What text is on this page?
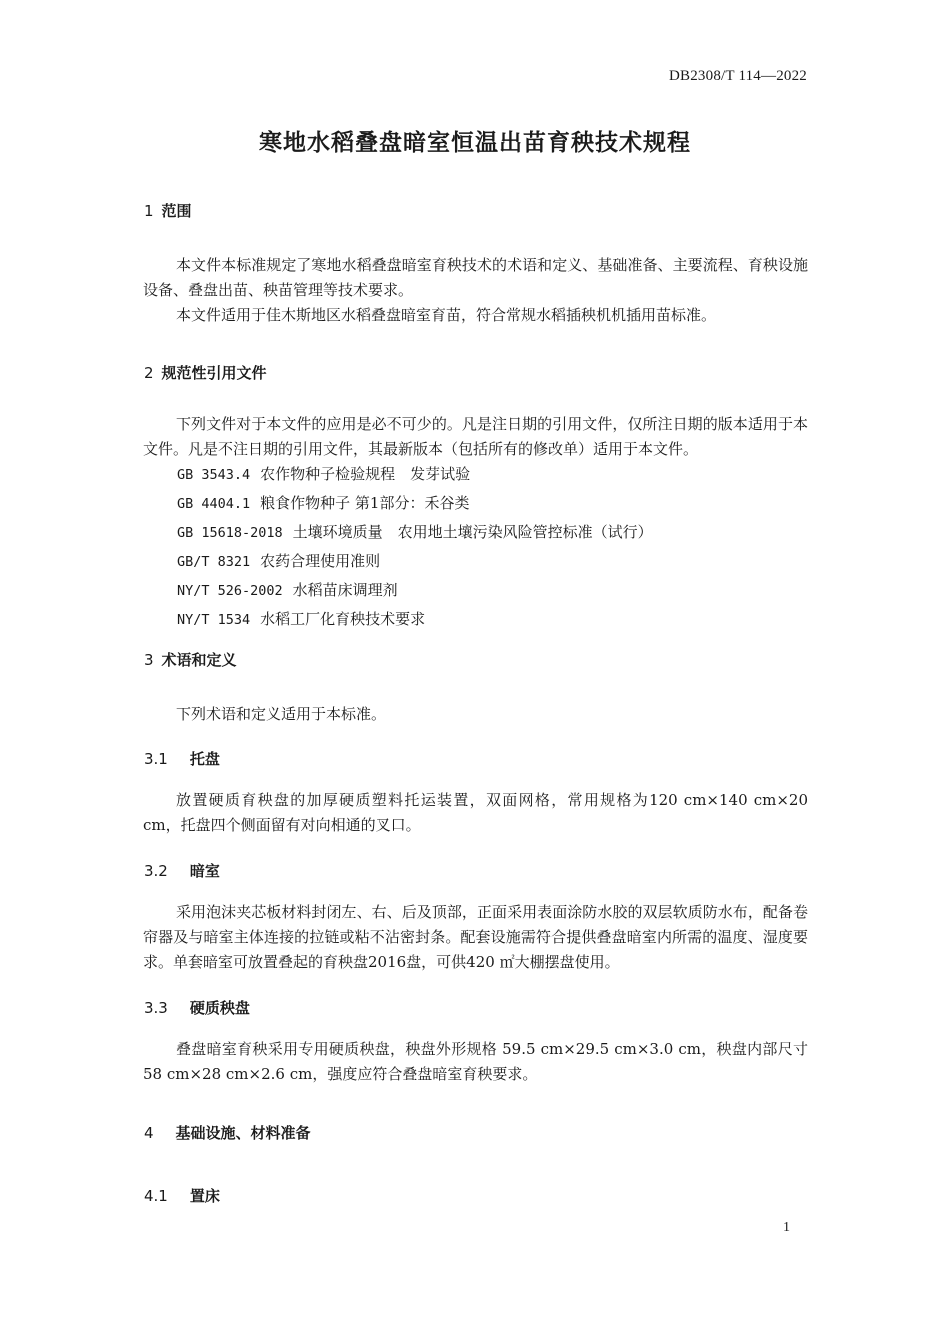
DB2308/T 114—2022
寒地水稻叠盘暗室恒温出苗育秧技术规程
1 范围

本文件本标准规定了寒地水稻叠盘暗室育秧技术的术语和定义、基础准备、主要流程、育秧设施设备、叠盘出苗、秧苗管理等技术要求。

本文件适用于佳木斯地区水稻叠盘暗室育苗，符合常规水稻插秧机机插用苗标准。

2 规范性引用文件

下列文件对于本文件的应用是必不可少的。凡是注日期的引用文件，仅所注日期的版本适用于本文件。凡是不注日期的引用文件，其最新版本（包括所有的修改单）适用于本文件。

GB 3543.4 农作物种子检验规程　发芽试验
GB 4404.1 粮食作物种子 第1部分：禾谷类
GB 15618-2018 土壤环境质量　农用地土壤污染风险管控标准（试行）
GB/T 8321 农药合理使用准则
NY/T 526-2002 水稻苗床调理剂
NY/T 1534 水稻工厂化育秧技术要求
3 术语和定义

下列术语和定义适用于本标准。

3.1 托盘

放置硬质育秧盘的加厚硬质塑料托运装置，双面网格，常用规格为120 cm×140 cm×20 cm，托盘四个侧面留有对向相通的叉口。

3.2 暗室

采用泡沫夹芯板材料封闭左、右、后及顶部，正面采用表面涂防水胶的双层软质防水布，配备卷帘器及与暗室主体连接的拉链或粘不沾密封条。配套设施需符合提供叠盘暗室内所需的温度、湿度要求。单套暗室可放置叠起的育秧盘2016盘，可供420 ㎡大棚摆盘使用。

3.3 硬质秧盘

叠盘暗室育秧采用专用硬质秧盘，秧盘外形规格 59.5 cm×29.5 cm×3.0 cm，秧盘内部尺寸58 cm×28 cm×2.6 cm，强度应符合叠盘暗室育秧要求。

4 基础设施、材料准备
4.1 置床
1
